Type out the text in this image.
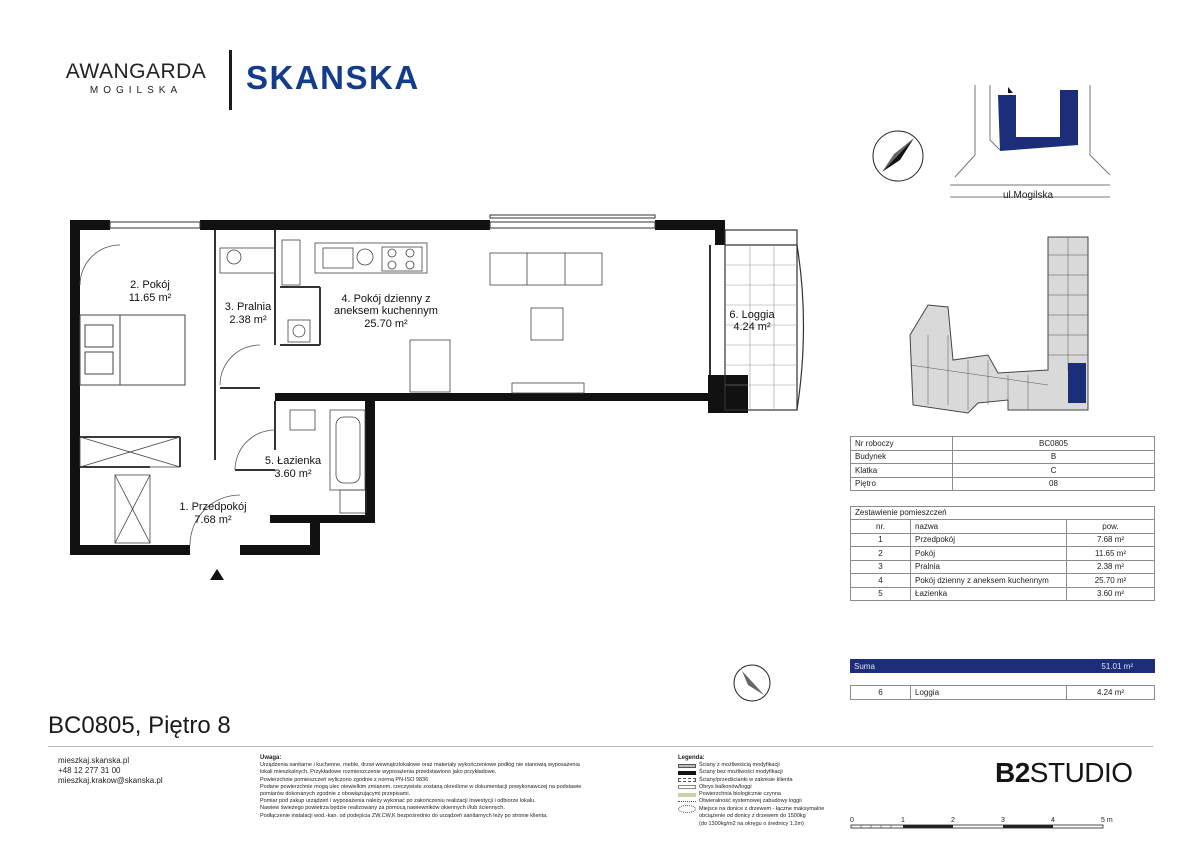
AWANGARDA
MOGILSKA	SKANSKA
2. Pokój
11.65 m²
3. Pralnia
2.38 m²
4. Pokój dzienny z
aneksem kuchennym
25.70 m²
6. Loggia
4.24 m²
5. Łazienka
3.60 m²
1. Przedpokój
7.68 m²
ul.Mogilska
Nr roboczy	BC0805
Budynek	B
Klatka	C
Piętro	08
Zestawienie pomieszczeń
nr.	nazwa	pow.
1	Przedpokój	7.68 m²
2	Pokój	11.65 m²
3	Pralnia	2.38 m²
4	Pokój dzienny z aneksem kuchennym	25.70 m²
5	Łazienka	3.60 m²
Suma	51.01 m²
6	Loggia	4.24 m²
BC0805, Piętro 8
mieszkaj.skanska.pl
+48 12 277 31 00
mieszkaj.krakow@skanska.pl
Uwaga:
Urządzenia sanitarne i kuchenne, meble, drzwi wewnątrzlokalowe oraz materiały wykończeniowe podłóg nie stanowią wyposażenia
lokali mieszkalnych. Przykładowe rozmieszczenie wyposażenia przedstawiono jako przykładowe.
Powierzchnie pomieszczeń wyliczono zgodnie z normą PN-ISO 9836
Podane powierzchnie mogą ulec niewielkim zmianom, rzeczywiste zostaną określone w dokumentacji powykonawczej na podstawie
pomiarów dokonanych zgodnie z obowiązującymi przepisami.
Pomiar pod zakup urządzeń i wyposażenia należy wykonać po zakończeniu realizacji Inwestycji i odbiorze lokalu.
Nawiew świeżego powietrza będzie realizowany za pomocą nawiewników okiennych i/lub ściennych.
Podłączenie instalacji wod.-kan. od podejścia ZW,CW,K bezpośrednio do urządzeń sanitarnych leży po stronie klienta.
Legenda:
Ściany z możliwością modyfikacji
Ściany bez możliwości modyfikacji
Ściany/przedścianki w zakresie klienta
Obrys balkonów/loggi
Powierzchnia biologicznie czynna
Otwieralność systemowej zabudowy loggii
Miejsce na donice z drzewem - łączne maksymalne
obciążenie od donicy z drzewem do 1500kg
(do 1300kg/m2 na okręgu o średnicy 1,2m)
B2STUDIO
0	1	2	3	4	5 m
